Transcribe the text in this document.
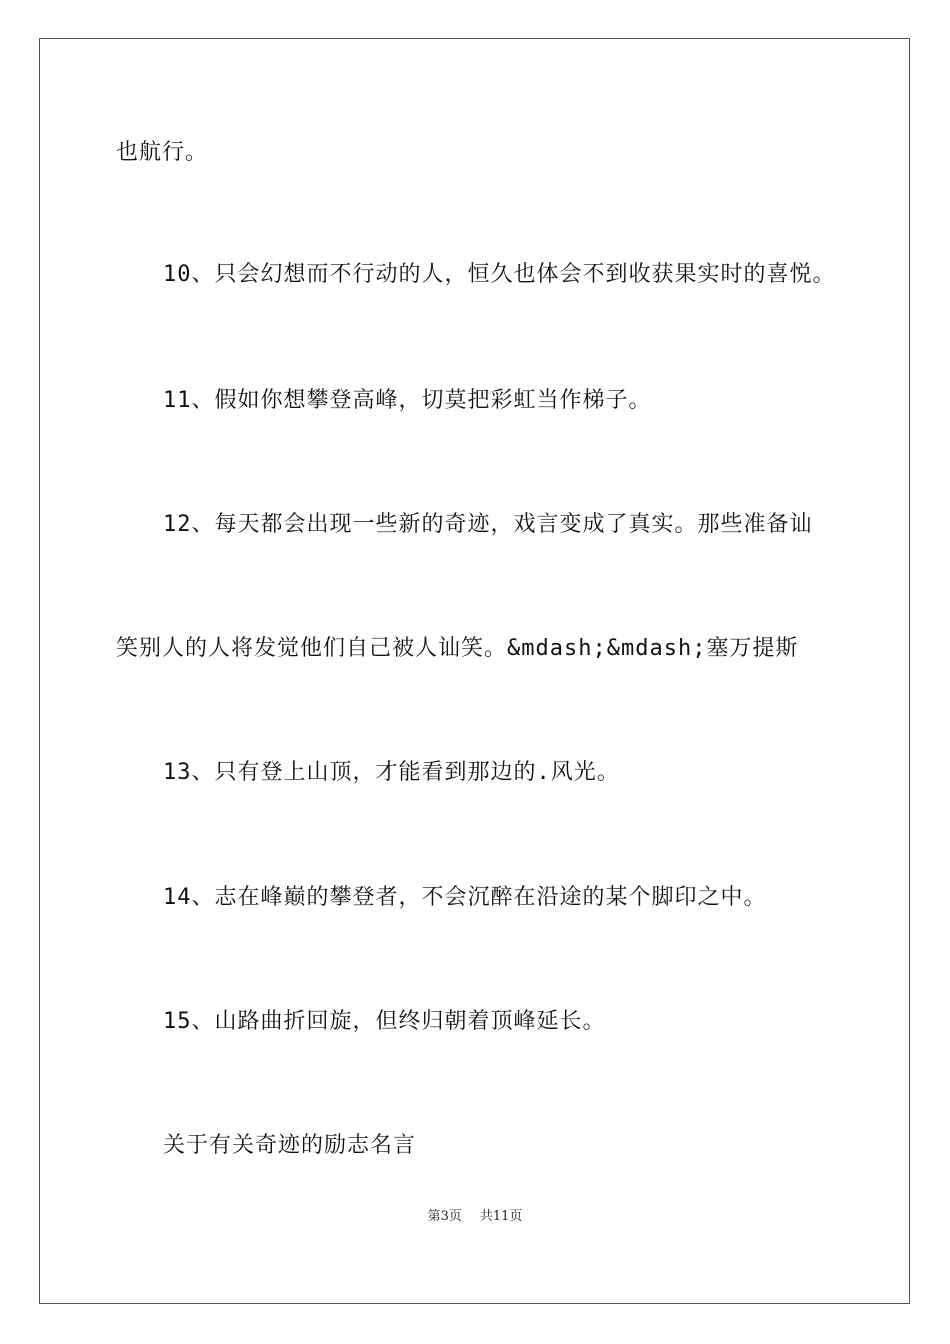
也航行。
10、只会幻想而不行动的人，恒久也体会不到收获果实时的喜悦。
11、假如你想攀登高峰，切莫把彩虹当作梯子。
12、每天都会出现一些新的奇迹，戏言变成了真实。那些准备讪
笑别人的人将发觉他们自己被人讪笑。&mdash;&mdash;塞万提斯
13、只有登上山顶，才能看到那边的.风光。
14、志在峰巅的攀登者，不会沉醉在沿途的某个脚印之中。
15、山路曲折回旋，但终归朝着顶峰延长。
关于有关奇迹的励志名言
第3页 共11页
